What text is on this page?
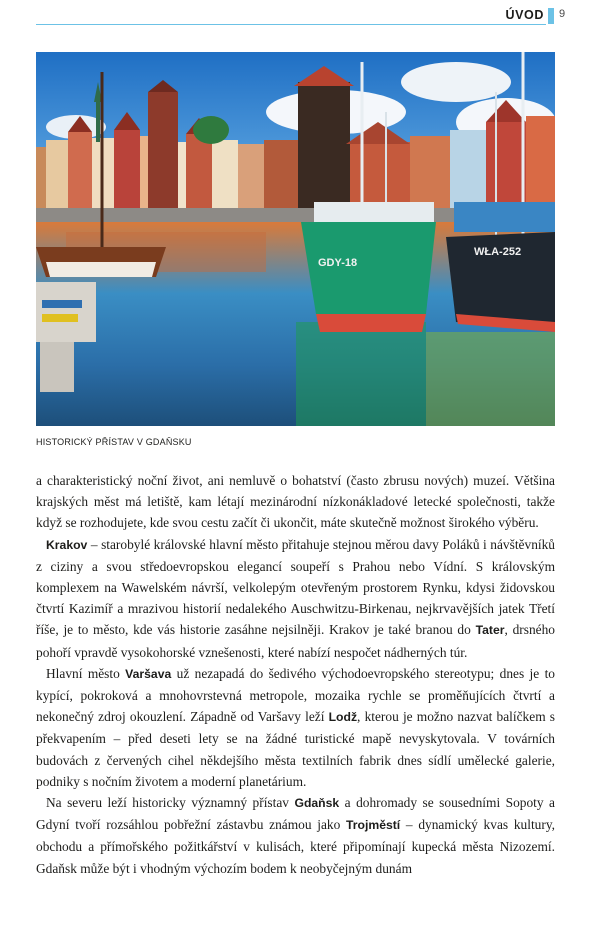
ÚVOD 9
GDY-18
WŁA-252
HISTORICKÝ PŘÍSTAV V GDAŇSKU

a charakteristický noční život, ani nemluvě o bohatství (často zbrusu nových) muzeí. Většina krajských měst má letiště, kam létají mezinárodní nízkonákladové letecké společnosti, takže když se rozhodujete, kde svou cestu začít či ukončit, máte skutečně možnost širokého výběru.

Krakov – starobylé královské hlavní město přitahuje stejnou měrou davy Poláků i návštěvníků z ciziny a svou středoevropskou elegancí soupeří s Prahou nebo Vídní. S královským komplexem na Wawelském návrší, velkolepým otevřeným prostorem Rynku, kdysi židovskou čtvrtí Kazimíř a mrazivou historií nedalekého Auschwitzu-Birkenau, nejkrvavějších jatek Třetí říše, je to město, kde vás historie zasáhne nejsilněji. Krakov je také branou do Tater, drsného pohoří vpravdě vysokohorské vznešenosti, které nabízí nespočet nádherných túr.

Hlavní město Varšava už nezapadá do šedivého východoevropského stereotypu; dnes je to kypící, pokroková a mnohovrstevná metropole, mozaika rychle se proměňujících čtvrtí a nekonečný zdroj okouzlení. Západně od Varšavy leží Lodž, kterou je možno nazvat balíčkem s překvapením – před deseti lety se na žádné turistické mapě nevyskytovala. V továrních budovách z červených cihel někdejšího města textilních fabrik dnes sídlí umělecké galerie, podniky s nočním životem a moderní planetárium.

Na severu leží historicky významný přístav Gdaňsk a dohromady se sousedními Sopoty a Gdyní tvoří rozsáhlou pobřežní zástavbu známou jako Trojměstí – dynamický kvas kultury, obchodu a přímořského požitkářství v kulisách, které připomínají kupecká města Nizozemí. Gdaňsk může být i vhodným výchozím bodem k neobyčejným dunám
